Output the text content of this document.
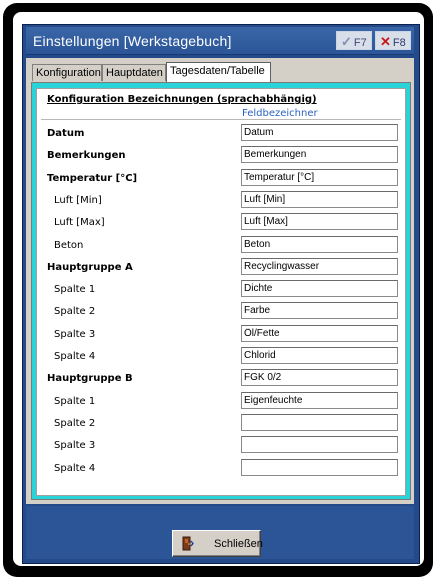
Einstellungen [Werkstagebuch]	✓ F7	✕ F8
Konfiguration Hauptdaten Tagesdaten/Tabelle
Konfiguration Bezeichnungen (sprachabhängig)
Feldbezeichner
Datum
Datum
Bemerkungen
Bemerkungen
Temperatur [°C]
Temperatur [°C]
Luft [Min]
Luft [Min]
Luft [Max]
Luft [Max]
Beton
Beton
Hauptgruppe A
Recyclingwasser
Spalte 1
Dichte
Spalte 2
Farbe
Spalte 3
Öl/Fette
Spalte 4
Chlorid
Hauptgruppe B
FGK 0/2
Spalte 1
Eigenfeuchte
Spalte 2
Spalte 3
Spalte 4
Schließen
